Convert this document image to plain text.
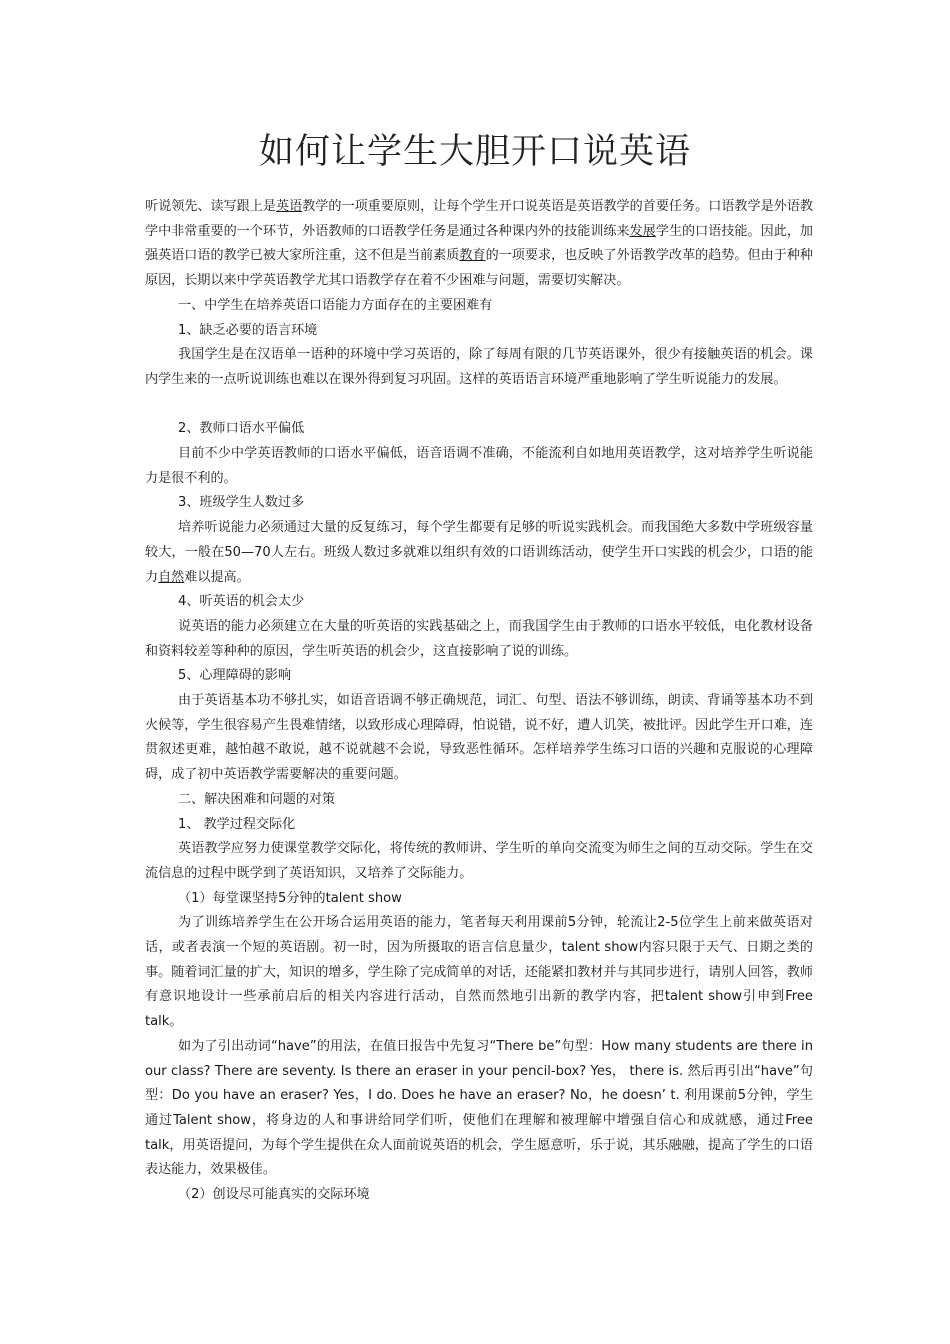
如何让学生大胆开口说英语

听说领先、读写跟上是英语教学的一项重要原则，让每个学生开口说英语是英语教学的首要任务。口语教学是外语教学中非常重要的一个环节，外语教师的口语教学任务是通过各种课内外的技能训练来发展学生的口语技能。因此，加强英语口语的教学已被大家所注重，这不但是当前素质教育的一项要求，也反映了外语教学改革的趋势。但由于种种原因，长期以来中学英语教学尤其口语教学存在着不少困难与问题，需要切实解决。

一、中学生在培养英语口语能力方面存在的主要困难有

1、缺乏必要的语言环境

我国学生是在汉语单一语种的环境中学习英语的，除了每周有限的几节英语课外，很少有接触英语的机会。课内学生来的一点听说训练也难以在课外得到复习巩固。这样的英语语言环境严重地影响了学生听说能力的发展。

2、教师口语水平偏低

目前不少中学英语教师的口语水平偏低，语音语调不准确，不能流利自如地用英语教学，这对培养学生听说能力是很不利的。

3、班级学生人数过多

培养听说能力必须通过大量的反复练习，每个学生都要有足够的听说实践机会。而我国绝大多数中学班级容量较大，一般在50—70人左右。班级人数过多就难以组织有效的口语训练活动，使学生开口实践的机会少，口语的能力自然难以提高。

4、听英语的机会太少

说英语的能力必须建立在大量的听英语的实践基础之上，而我国学生由于教师的口语水平较低，电化教材设备和资料较差等种种的原因，学生听英语的机会少，这直接影响了说的训练。

5、心理障碍的影响

由于英语基本功不够扎实，如语音语调不够正确规范，词汇、句型、语法不够训练，朗读、背诵等基本功不到火候等，学生很容易产生畏难情绪，以致形成心理障碍，怕说错，说不好，遭人讥笑，被批评。因此学生开口难，连贯叙述更难，越怕越不敢说，越不说就越不会说，导致恶性循环。怎样培养学生练习口语的兴趣和克服说的心理障碍，成了初中英语教学需要解决的重要问题。

二、解决困难和问题的对策

1、 教学过程交际化

英语教学应努力使课堂教学交际化，将传统的教师讲、学生听的单向交流变为师生之间的互动交际。学生在交流信息的过程中既学到了英语知识，又培养了交际能力。

（1）每堂课坚持5分钟的talent show

为了训练培养学生在公开场合运用英语的能力，笔者每天利用课前5分钟，轮流让2-5位学生上前来做英语对话，或者表演一个短的英语剧。初一时，因为所摄取的语言信息量少，talent show内容只限于天气、日期之类的事。随着词汇量的扩大，知识的增多，学生除了完成简单的对话，还能紧扣教材并与其同步进行，请别人回答，教师有意识地设计一些承前启后的相关内容进行活动，自然而然地引出新的教学内容，把talent show引申到Free talk。

如为了引出动词“have”的用法，在值日报告中先复习“There be”句型：How many students are there in our class? There are seventy. Is there an eraser in your pencil-box? Yes， there is. 然后再引出“have”句型：Do you have an eraser? Yes，I do. Does he have an eraser? No，he doesn’ t. 利用课前5分钟，学生通过Talent show，将身边的人和事讲给同学们听，使他们在理解和被理解中增强自信心和成就感，通过Free talk，用英语提问，为每个学生提供在众人面前说英语的机会，学生愿意听，乐于说，其乐融融，提高了学生的口语表达能力，效果极佳。

（2）创设尽可能真实的交际环境
